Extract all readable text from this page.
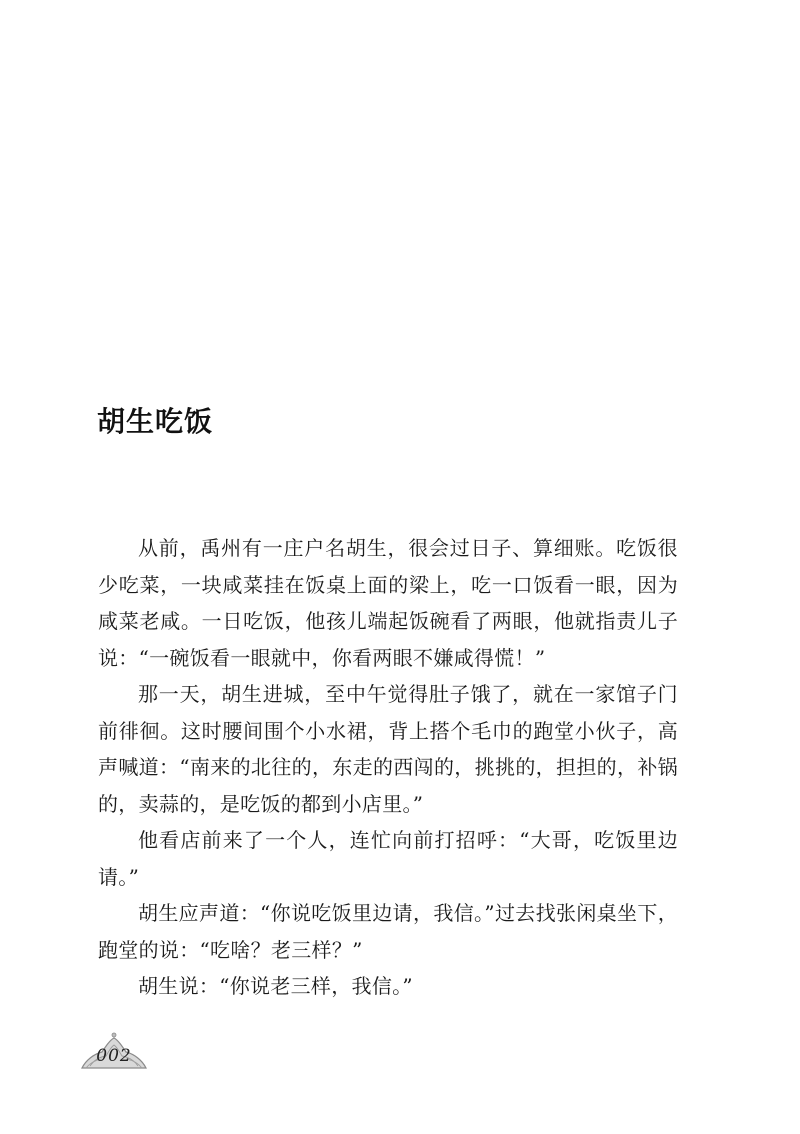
胡生吃饭

从前，禹州有一庄户名胡生，很会过日子、算细账。吃饭很少吃菜，一块咸菜挂在饭桌上面的梁上，吃一口饭看一眼，因为咸菜老咸。一日吃饭，他孩儿端起饭碗看了两眼，他就指责儿子说：“一碗饭看一眼就中，你看两眼不嫌咸得慌！”

那一天，胡生进城，至中午觉得肚子饿了，就在一家馆子门前徘徊。这时腰间围个小水裙，背上搭个毛巾的跑堂小伙子，高声喊道：“南来的北往的，东走的西闯的，挑挑的，担担的，补锅的，卖蒜的，是吃饭的都到小店里。”

他看店前来了一个人，连忙向前打招呼：“大哥，吃饭里边请。”

胡生应声道：“你说吃饭里边请，我信。”过去找张闲桌坐下，跑堂的说：“吃啥？老三样？”

胡生说：“你说老三样，我信。”

002
